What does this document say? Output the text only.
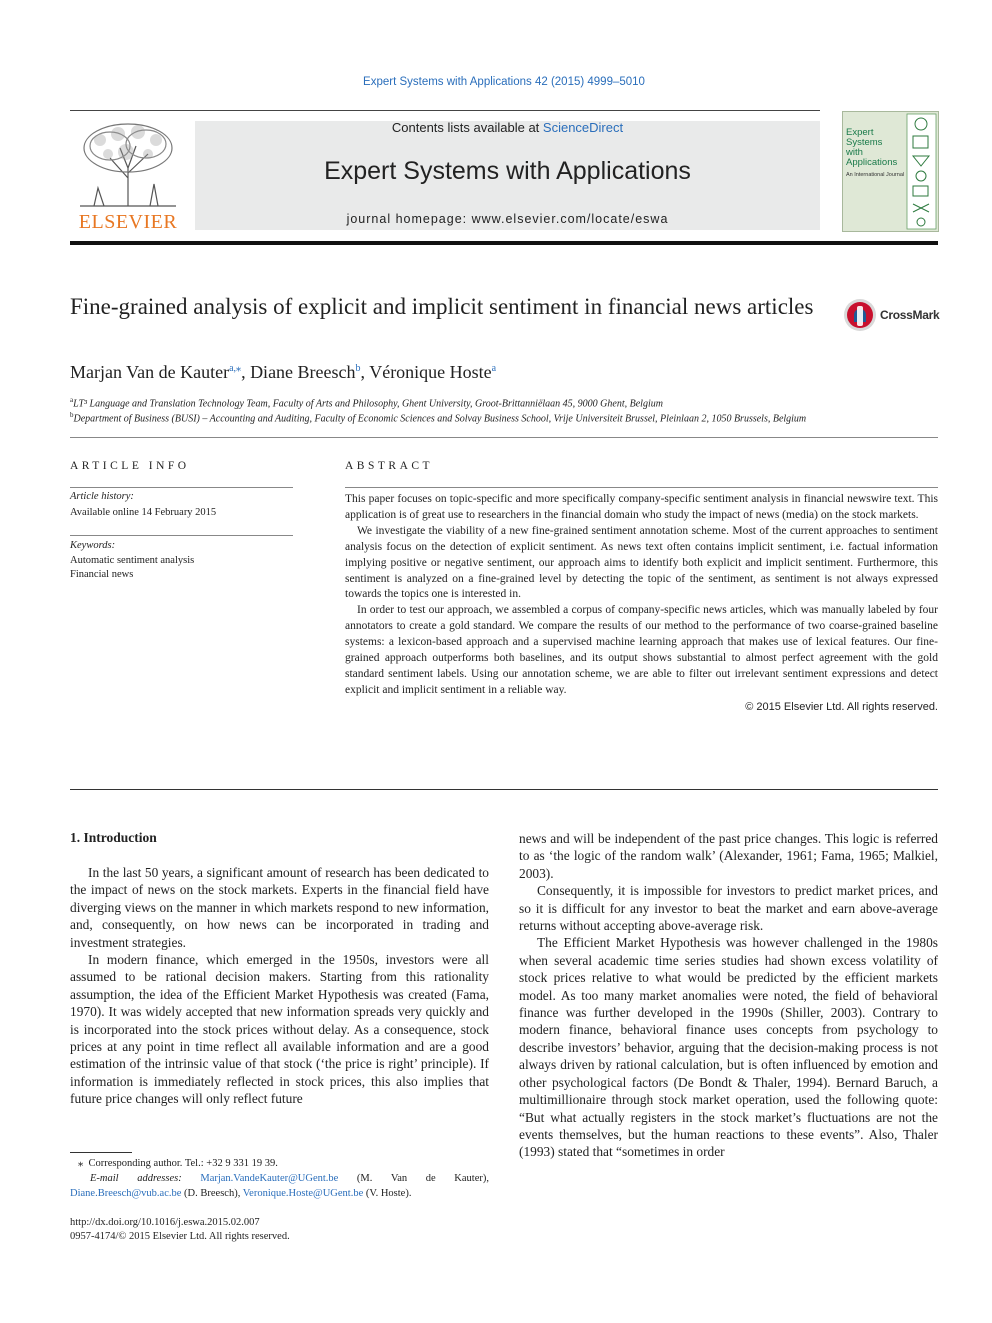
Expert Systems with Applications 42 (2015) 4999–5010
ELSEVIER
Contents lists available at ScienceDirect
Expert Systems with Applications
journal homepage: www.elsevier.com/locate/eswa
Expert
Systems
with
Applications
An International Journal
Fine-grained analysis of explicit and implicit sentiment in financial news articles	CrossMark
Marjan Van de Kauter$^{a,⁎}$, Diane Breesch$^b$, Véronique Hoste$^a$
$^a$LT³ Language and Translation Technology Team, Faculty of Arts and Philosophy, Ghent University, Groot-Brittanniëlaan 45, 9000 Ghent, Belgium
$^b$Department of Business (BUSI) – Accounting and Auditing, Faculty of Economic Sciences and Solvay Business School, Vrije Universiteit Brussel, Pleinlaan 2, 1050 Brussels, Belgium
ARTICLE INFO
Article history:
Available online 14 February 2015
Keywords:
Automatic sentiment analysis
Financial news
ABSTRACT

This paper focuses on topic-specific and more specifically company-specific sentiment analysis in financial newswire text. This application is of great use to researchers in the financial domain who study the impact of news (media) on the stock markets.

We investigate the viability of a new fine-grained sentiment annotation scheme. Most of the current approaches to sentiment analysis focus on the detection of explicit sentiment. As news text often contains implicit sentiment, i.e. factual information implying positive or negative sentiment, our approach aims to identify both explicit and implicit sentiment. Furthermore, this sentiment is analyzed on a fine-grained level by detecting the topic of the sentiment, as sentiment is not always expressed towards the topics one is interested in.

In order to test our approach, we assembled a corpus of company-specific news articles, which was manually labeled by four annotators to create a gold standard. We compare the results of our method to the performance of two coarse-grained baseline systems: a lexicon-based approach and a supervised machine learning approach that makes use of lexical features. Our fine-grained approach outperforms both baselines, and its output shows substantial to almost perfect agreement with the gold standard sentiment labels. Using our annotation scheme, we are able to filter out irrelevant sentiment expressions and detect explicit and implicit sentiment in a reliable way.

© 2015 Elsevier Ltd. All rights reserved.

1. Introduction

In the last 50 years, a significant amount of research has been dedicated to the impact of news on the stock markets. Experts in the financial field have diverging views on the manner in which markets respond to new information, and, consequently, on how news can be incorporated in trading and investment strategies.

In modern finance, which emerged in the 1950s, investors were all assumed to be rational decision makers. Starting from this rationality assumption, the idea of the Efficient Market Hypothesis was created (Fama, 1970). It was widely accepted that new information spreads very quickly and is incorporated into the stock prices without delay. As a consequence, stock prices at any point in time reflect all available information and are a good estimation of the intrinsic value of that stock (‘the price is right’ principle). If information is immediately reflected in stock prices, this also implies that future price changes will only reflect future

news and will be independent of the past price changes. This logic is referred to as ‘the logic of the random walk’ (Alexander, 1961; Fama, 1965; Malkiel, 2003).

Consequently, it is impossible for investors to predict market prices, and so it is difficult for any investor to beat the market and earn above-average returns without accepting above-average risk.

The Efficient Market Hypothesis was however challenged in the 1980s when several academic time series studies had shown excess volatility of stock prices relative to what would be predicted by the efficient markets model. As too many market anomalies were noted, the field of behavioral finance was further developed in the 1990s (Shiller, 2003). Contrary to modern finance, behavioral finance uses concepts from psychology to describe investors’ behavior, arguing that the decision-making process is not always driven by rational calculation, but is often influenced by emotion and other psychological factors (De Bondt & Thaler, 1994). Bernard Baruch, a multimillionaire through stock market operation, used the following quote: “But what actually registers in the stock market’s fluctuations are not the events themselves, but the human reactions to these events”. Also, Thaler (1993) stated that “sometimes in order

⁎  Corresponding author. Tel.: +32 9 331 19 39.
E-mail addresses: Marjan.VandeKauter@UGent.be (M. Van de Kauter), Diane.Breesch@vub.ac.be (D. Breesch), Veronique.Hoste@UGent.be (V. Hoste).
http://dx.doi.org/10.1016/j.eswa.2015.02.007
0957-4174/© 2015 Elsevier Ltd. All rights reserved.
